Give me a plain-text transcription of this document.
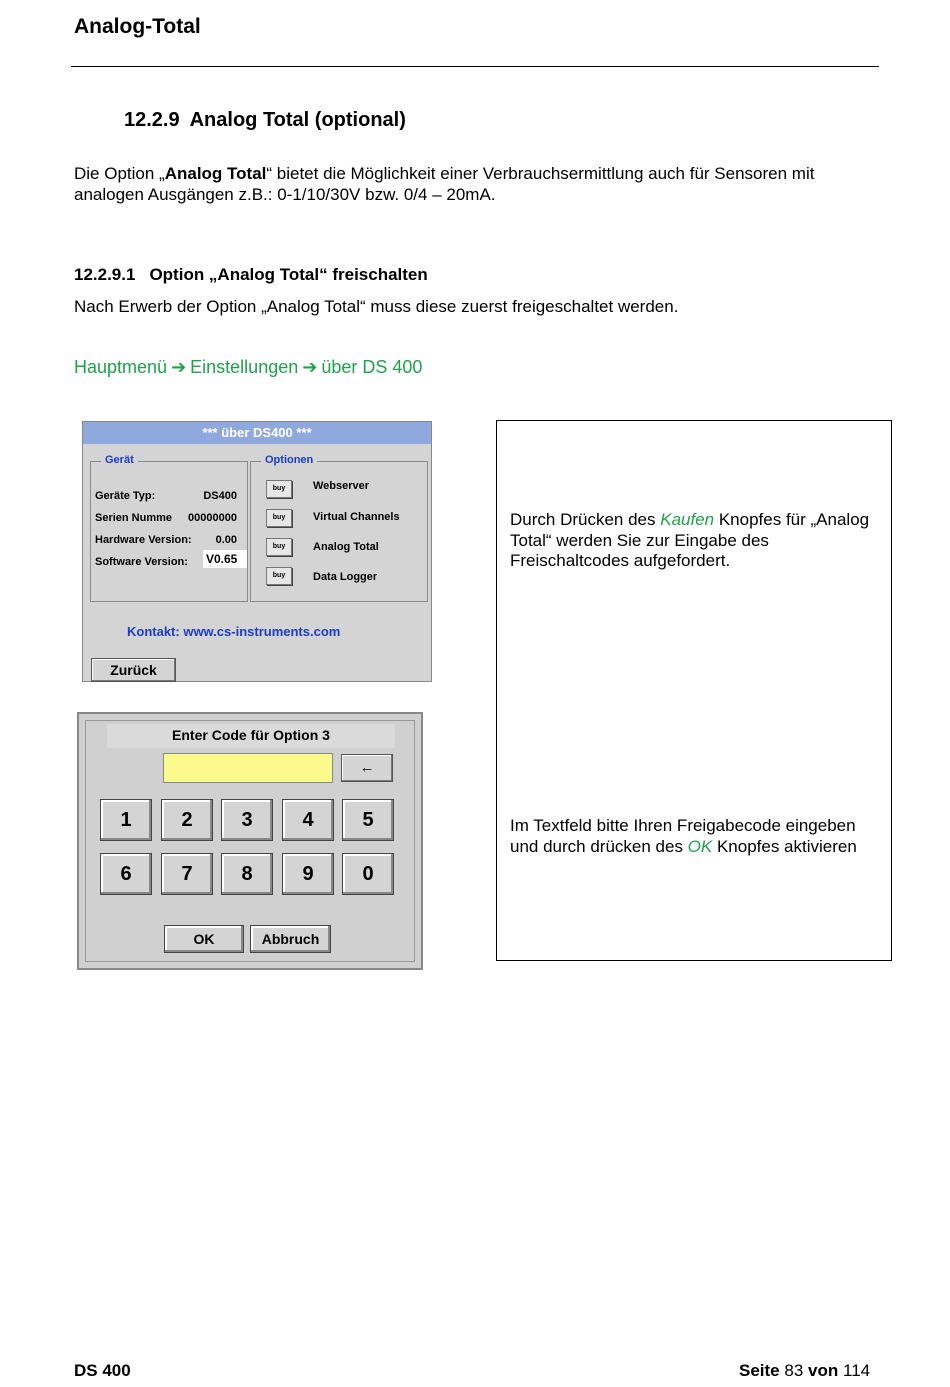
Analog-Total
12.2.9 Analog Total (optional)
Die Option „Analog Total“ bietet die Möglichkeit einer Verbrauchsermittlung auch für Sensoren mit analogen Ausgängen z.B.: 0-1/10/30V bzw. 0/4 – 20mA.
12.2.9.1 Option „Analog Total“ freischalten
Nach Erwerb der Option „Analog Total“ muss diese zuerst freigeschaltet werden.
Hauptmenü ➔ Einstellungen ➔ über DS 400
*** über DS400 ***
Gerät
Geräte Typ:	DS400
Serien Numme 00000000
Hardware Version: 0.00
Software Version: V0.65
Optionen
buy	Webserver
buy	Virtual Channels
buy	Analog Total
buy	Data Logger
Kontakt: www.cs-instruments.com
Zurück
Enter Code für Option 3
←
1	2	3	4	5
6	7	8	9	0
OK	Abbruch
Durch Drücken des Kaufen Knopfes für „Analog Total“ werden Sie zur Eingabe des Freischaltcodes aufgefordert.
Im Textfeld bitte Ihren Freigabecode eingeben und durch drücken des OK Knopfes aktivieren
DS 400	Seite 83 von 114
